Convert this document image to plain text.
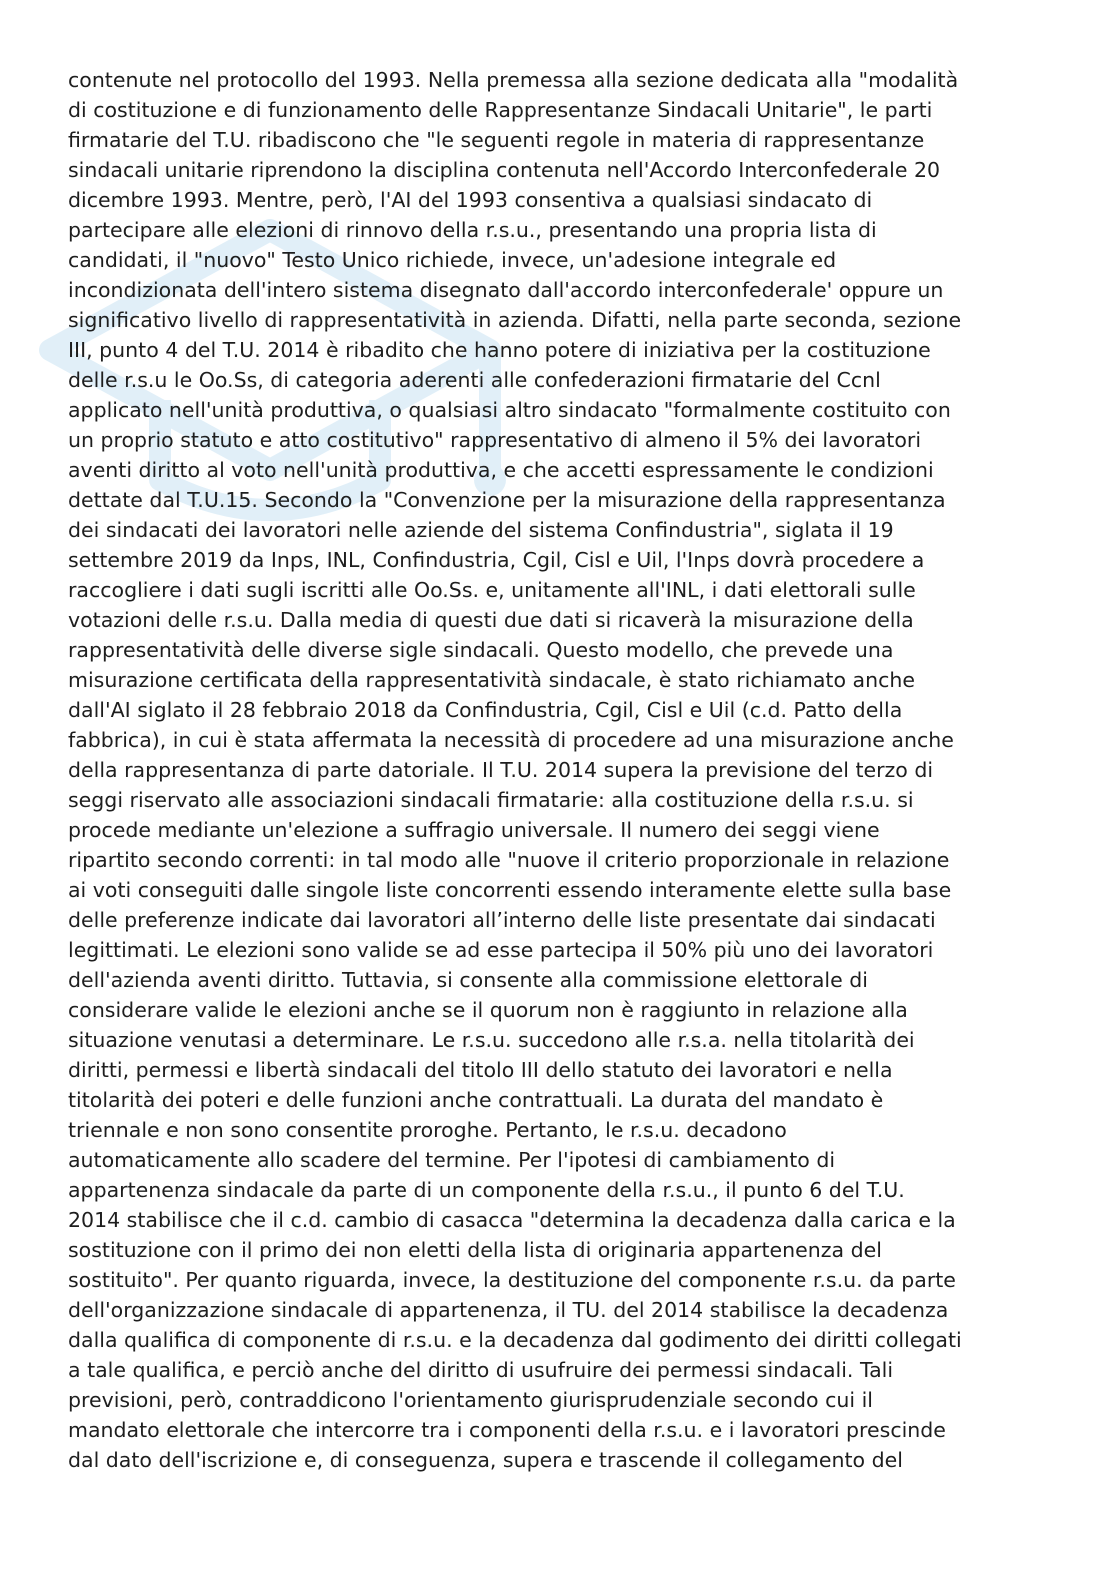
contenute nel protocollo del 1993. Nella premessa alla sezione dedicata alla "modalità
di costituzione e di funzionamento delle Rappresentanze Sindacali Unitarie", le parti
firmatarie del T.U. ribadiscono che "le seguenti regole in materia di rappresentanze
sindacali unitarie riprendono la disciplina contenuta nell'Accordo Interconfederale 20
dicembre 1993. Mentre, però, l'AI del 1993 consentiva a qualsiasi sindacato di
partecipare alle elezioni di rinnovo della r.s.u., presentando una propria lista di
candidati, il "nuovo" Testo Unico richiede, invece, un'adesione integrale ed
incondizionata dell'intero sistema disegnato dall'accordo interconfederale' oppure un
significativo livello di rappresentatività in azienda. Difatti, nella parte seconda, sezione
III, punto 4 del T.U. 2014 è ribadito che hanno potere di iniziativa per la costituzione
delle r.s.u le Oo.Ss, di categoria aderenti alle confederazioni firmatarie del Ccnl
applicato nell'unità produttiva, o qualsiasi altro sindacato "formalmente costituito con
un proprio statuto e atto costitutivo" rappresentativo di almeno il 5% dei lavoratori
aventi diritto al voto nell'unità produttiva, e che accetti espressamente le condizioni
dettate dal T.U.15. Secondo la "Convenzione per la misurazione della rappresentanza
dei sindacati dei lavoratori nelle aziende del sistema Confindustria", siglata il 19
settembre 2019 da Inps, INL, Confindustria, Cgil, Cisl e Uil, l'Inps dovrà procedere a
raccogliere i dati sugli iscritti alle Oo.Ss. e, unitamente all'INL, i dati elettorali sulle
votazioni delle r.s.u. Dalla media di questi due dati si ricaverà la misurazione della
rappresentatività delle diverse sigle sindacali. Questo modello, che prevede una
misurazione certificata della rappresentatività sindacale, è stato richiamato anche
dall'AI siglato il 28 febbraio 2018 da Confindustria, Cgil, Cisl e Uil (c.d. Patto della
fabbrica), in cui è stata affermata la necessità di procedere ad una misurazione anche
della rappresentanza di parte datoriale. Il T.U. 2014 supera la previsione del terzo di
seggi riservato alle associazioni sindacali firmatarie: alla costituzione della r.s.u. si
procede mediante un'elezione a suffragio universale. Il numero dei seggi viene
ripartito secondo correnti: in tal modo alle "nuove il criterio proporzionale in relazione
ai voti conseguiti dalle singole liste concorrenti essendo interamente elette sulla base
delle preferenze indicate dai lavoratori all’interno delle liste presentate dai sindacati
legittimati. Le elezioni sono valide se ad esse partecipa il 50% più uno dei lavoratori
dell'azienda aventi diritto. Tuttavia, si consente alla commissione elettorale di
considerare valide le elezioni anche se il quorum non è raggiunto in relazione alla
situazione venutasi a determinare. Le r.s.u. succedono alle r.s.a. nella titolarità dei
diritti, permessi e libertà sindacali del titolo III dello statuto dei lavoratori e nella
titolarità dei poteri e delle funzioni anche contrattuali. La durata del mandato è
triennale e non sono consentite proroghe. Pertanto, le r.s.u. decadono
automaticamente allo scadere del termine. Per l'ipotesi di cambiamento di
appartenenza sindacale da parte di un componente della r.s.u., il punto 6 del T.U.
2014 stabilisce che il c.d. cambio di casacca "determina la decadenza dalla carica e la
sostituzione con il primo dei non eletti della lista di originaria appartenenza del
sostituito". Per quanto riguarda, invece, la destituzione del componente r.s.u. da parte
dell'organizzazione sindacale di appartenenza, il TU. del 2014 stabilisce la decadenza
dalla qualifica di componente di r.s.u. e la decadenza dal godimento dei diritti collegati
a tale qualifica, e perciò anche del diritto di usufruire dei permessi sindacali. Tali
previsioni, però, contraddicono l'orientamento giurisprudenziale secondo cui il
mandato elettorale che intercorre tra i componenti della r.s.u. e i lavoratori prescinde
dal dato dell'iscrizione e, di conseguenza, supera e trascende il collegamento del
